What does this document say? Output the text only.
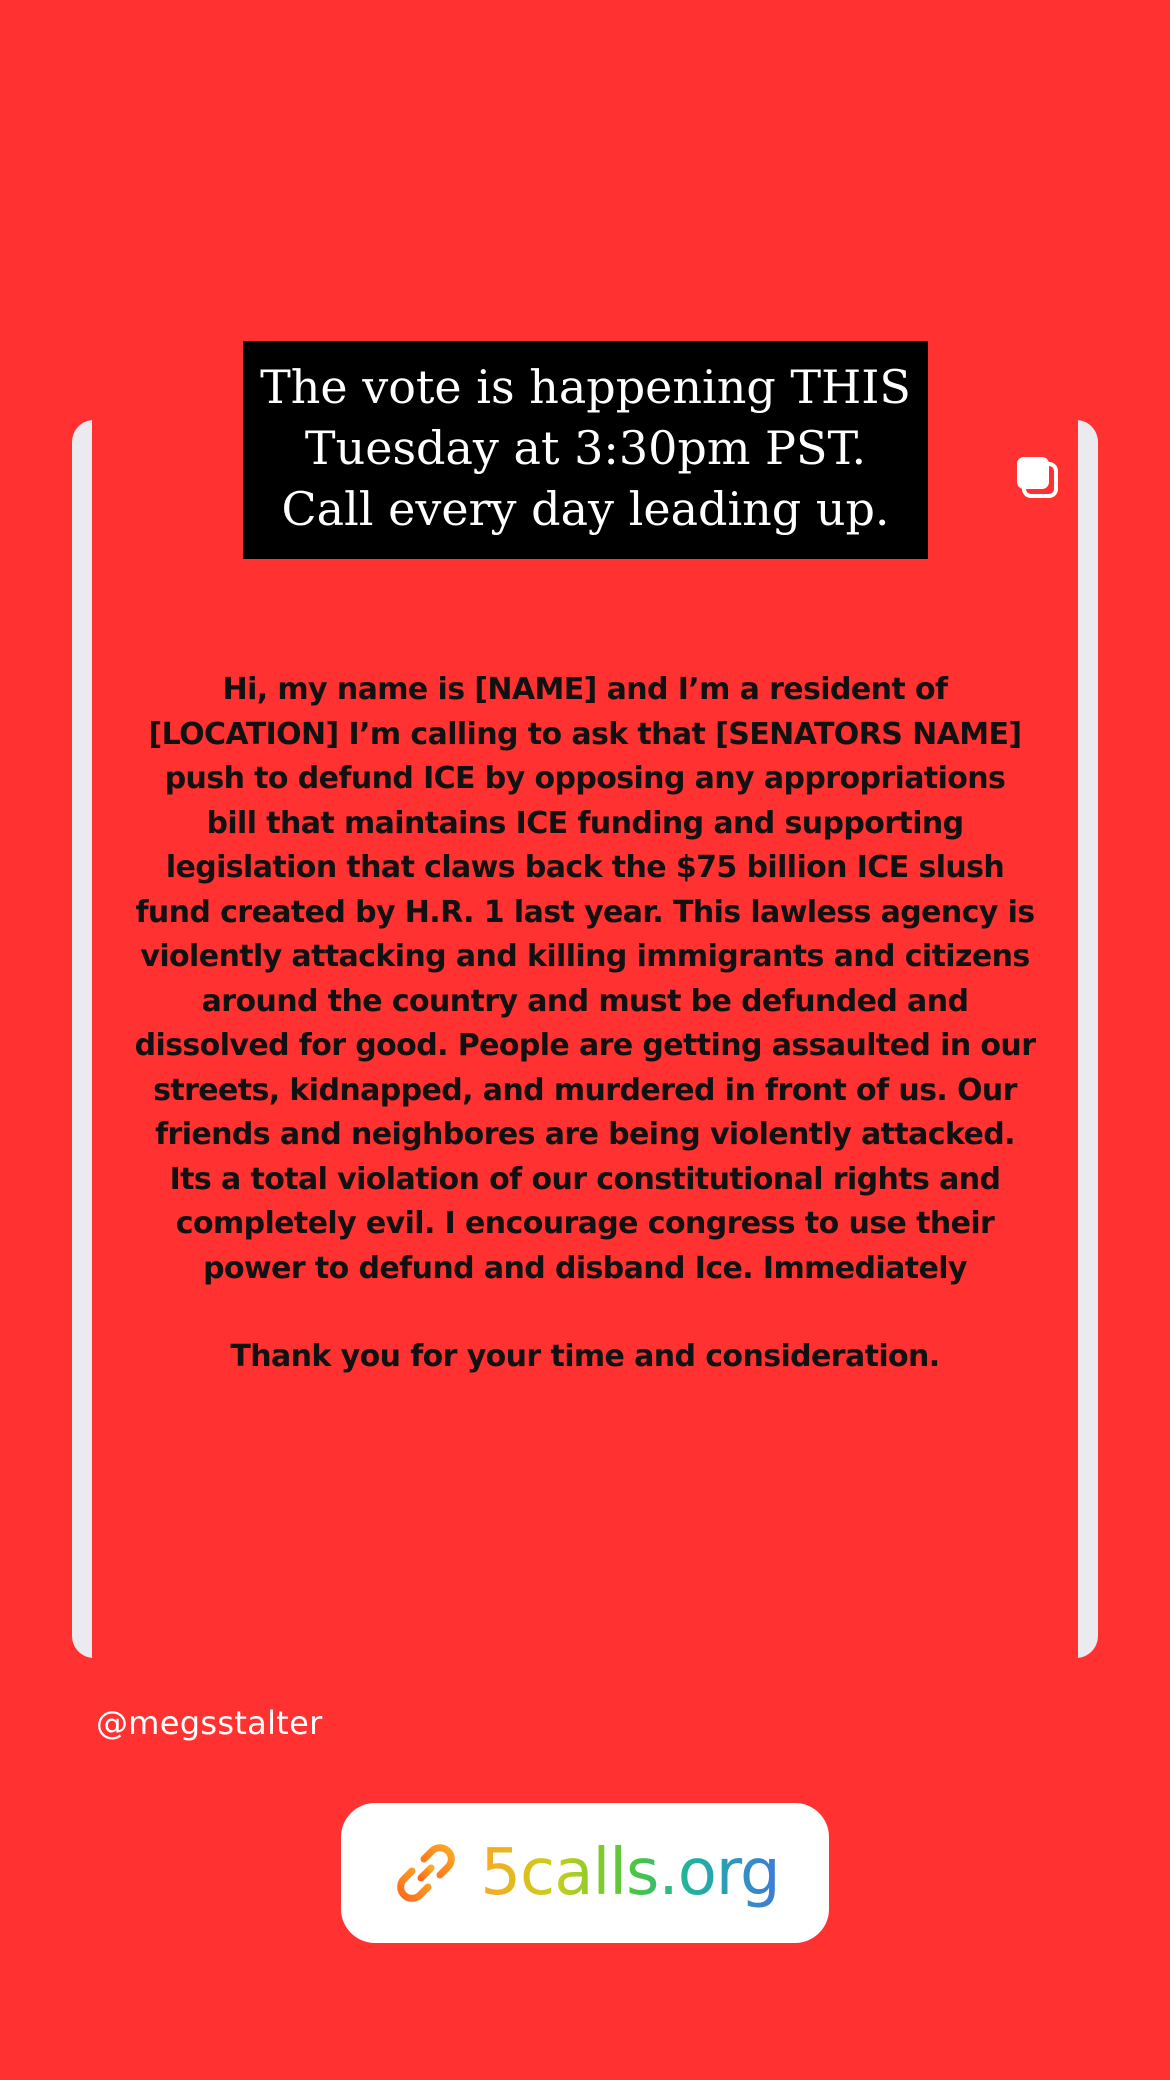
The vote is happening THIS
Tuesday at 3:30pm PST.
Call every day leading up.
Hi, my name is [NAME] and I’m a resident of
[LOCATION] I’m calling to ask that [SENATORS NAME]
push to defund ICE by opposing any appropriations
bill that maintains ICE funding and supporting
legislation that claws back the $75 billion ICE slush
fund created by H.R. 1 last year. This lawless agency is
violently attacking and killing immigrants and citizens
around the country and must be defunded and
dissolved for good. People are getting assaulted in our
streets, kidnapped, and murdered in front of us. Our
friends and neighbores are being violently attacked.
Its a total violation of our constitutional rights and
completely evil. I encourage congress to use their
power to defund and disband Ice. Immediately
Thank you for your time and consideration.
@megsstalter
5calls.org
